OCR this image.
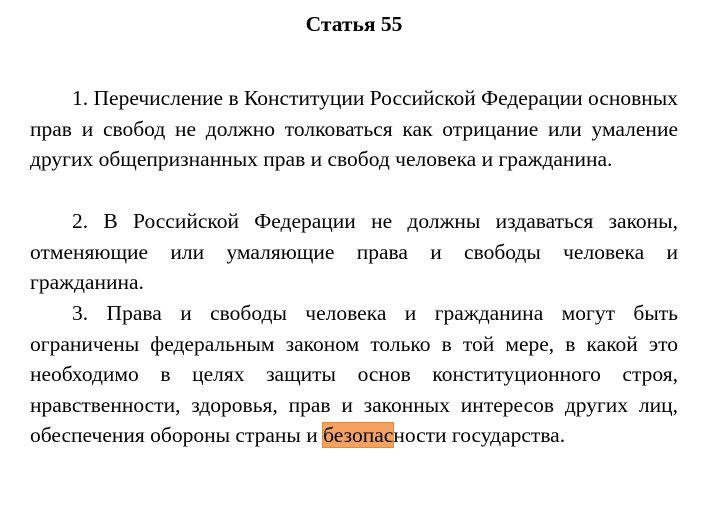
Статья 55

1. Перечисление в Конституции Российской Федерации основных прав и свобод не должно толковаться как отрицание или умаление других общепризнанных прав и свобод человека и гражданина.

2. В Российской Федерации не должны издаваться законы, отменяющие или умаляющие права и свободы человека и гражданина.

3. Права и свободы человека и гражданина могут быть ограничены федеральным законом только в той мере, в какой это необходимо в целях защиты основ конституционного строя, нравственности, здоровья, прав и законных интересов других лиц, обеспечения обороны страны и безопасности государства.
